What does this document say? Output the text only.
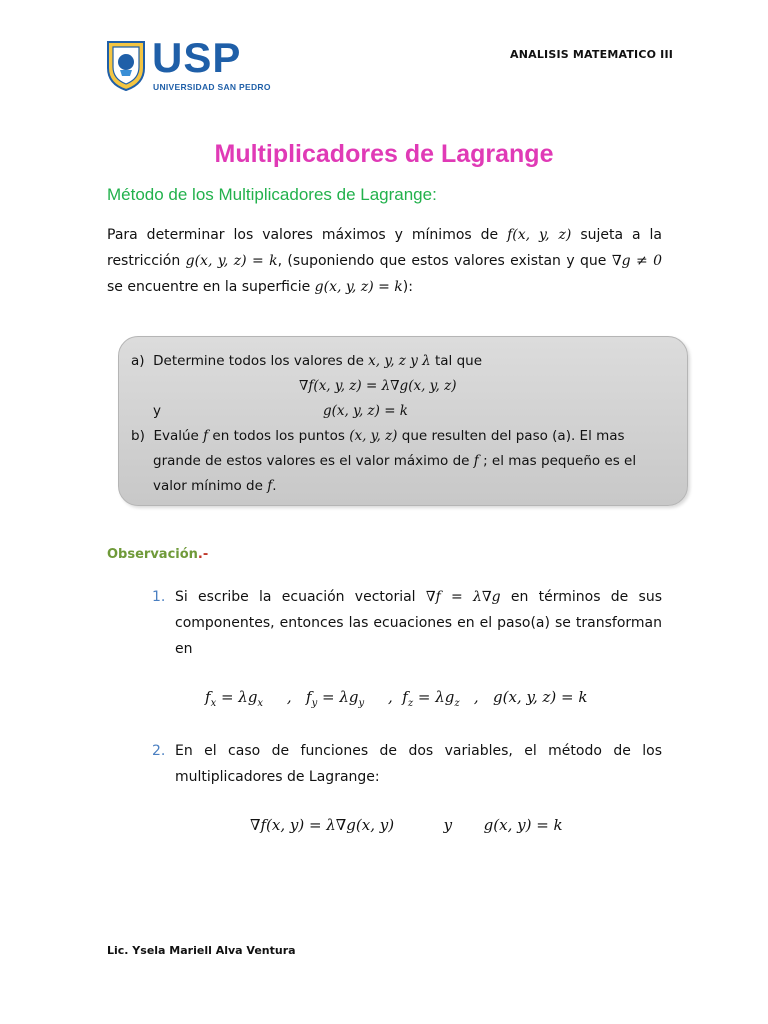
USP
UNIVERSIDAD SAN PEDRO
ANALISIS MATEMATICO III
Multiplicadores de Lagrange
Método de los Multiplicadores de Lagrange:
Para determinar los valores máximos y mínimos de f(x, y, z) sujeta a la restricción g(x, y, z) = k, (suponiendo que estos valores existan y que ∇g ≠ 0 se encuentre en la superficie g(x, y, z) = k):
a) Determine todos los valores de x, y, z y λ tal que
∇f(x, y, z) = λ∇g(x, y, z)
y	g(x, y, z) = k
b) Evalúe f en todos los puntos (x, y, z) que resulten del paso (a). El mas
grande de estos valores es el valor máximo de f ; el mas pequeño es el
valor mínimo de f.
Observación.-
1. Si escribe la ecuación vectorial ∇f = λ∇g en términos de sus componentes, entonces las ecuaciones en el paso(a) se transforman en
$f_x = \lambda g_x$ , $f_y = \lambda g_y$ , $f_z = \lambda g_z$ , g(x, y, z) = k
2. En el caso de funciones de dos variables, el método de los multiplicadores de Lagrange:
∇f(x, y) = λ∇g(x, y)	y g(x, y) = k
Lic. Ysela Mariell Alva Ventura
